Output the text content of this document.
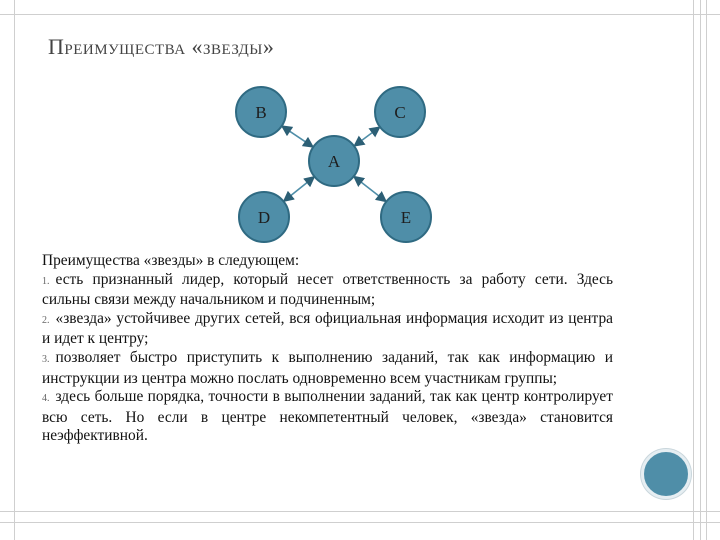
Преимущества «звезды»
B	C
A
D	E

Преимущества «звезды» в следующем:

1. есть признанный лидер, который несет ответственность за работу сети. Здесь сильны связи между начальником и подчиненным;

2. «звезда» устойчивее других сетей, вся официальная информация исходит из центра и идет к центру;

3. позволяет быстро приступить к выполнению заданий, так как информацию и инструкции из центра можно послать одновременно всем участникам группы;

4. здесь больше порядка, точности в выполнении заданий, так как центр контролирует всю сеть. Но если в центре некомпетентный человек, «звезда» становится неэффективной.
